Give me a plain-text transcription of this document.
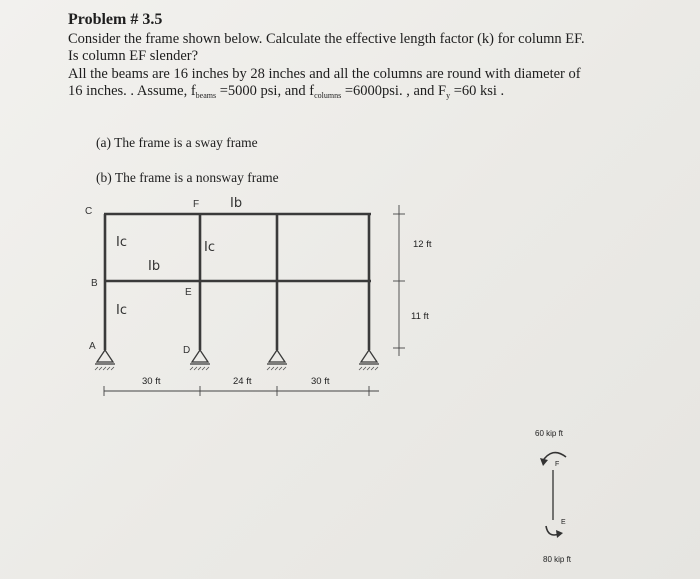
Problem # 3.5
Consider the frame shown below. Calculate the effective length factor (k) for column EF.
Is column EF slender?
All the beams are 16 inches by 28 inches and all the columns are round with diameter of
16 inches. . Assume, $f_{beams} =5000$ psi, and $f_{columns} =6000psi$. , and $F_y =60$ ksi .
(a) The frame is a sway frame
(b) The frame is a nonsway frame
C
F Ib
B
E
A	D
Ic	Ic
Ib
Ic
12 ft
11 ft
30 ft	24 ft	30 ft
60 kip ft
F
E
80 kip ft
